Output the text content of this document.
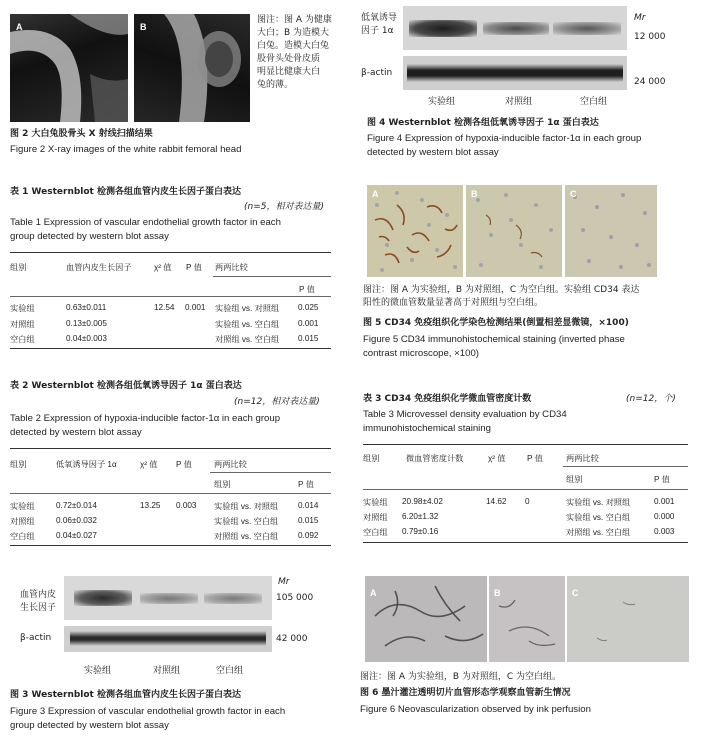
A	B
图注：图 A 为健康
大白；B 为造模大
白兔。造模大白兔
股骨头处骨皮质
明显比健康大白
兔的薄。
图 2 大白兔股骨头 X 射线扫描结果
Figure 2 X-ray images of the white rabbit femoral head
表 1 Westernblot 检测各组血管内皮生长因子蛋白表达
(n=5，相对表达量)
Table 1 Expression of vascular endothelial growth factor in each
group detected by western blot assay
组别	血管内皮生长因子	χ² 值 P 值 两两比较
P 值
实验组	0.63±0.011	12.54 0.001 实验组 vs. 对照组 0.025
对照组	0.13±0.005	实验组 vs. 空白组 0.001
空白组	0.04±0.003	对照组 vs. 空白组 0.015
表 2 Westernblot 检测各组低氧诱导因子 1α 蛋白表达
(n=12，相对表达量)
Table 2 Expression of hypoxia-inducible factor-1α in each group
detected by western blot assay
组别	低氧诱导因子 1α	χ² 值 P 值	两两比较
组别	P 值
实验组	0.72±0.014	13.25 0.003 实验组 vs. 对照组 0.014
对照组	0.06±0.032	实验组 vs. 空白组 0.015
空白组	0.04±0.027	对照组 vs. 空白组 0.092
血管内皮
生长因子
β-actin
Mr
105 000
42 000
实验组	对照组	空白组
图 3 Westernblot 检测各组血管内皮生长因子蛋白表达
Figure 3 Expression of vascular endothelial growth factor in each
group detected by western blot assay
低氧诱导
因子 1α
β-actin
Mr
12 000
24 000
实验组	对照组	空白组
图 4 Westernblot 检测各组低氧诱导因子 1α 蛋白表达
Figure 4 Expression of hypoxia-inducible factor-1α in each group
detected by western blot assay
A	B	C
图注：图 A 为实验组，B 为对照组，C 为空白组。实验组 CD34 表达
阳性的微血管数量显著高于对照组与空白组。
图 5 CD34 免疫组织化学染色检测结果(倒置相差显微镜，×100)
Figure 5 CD34 immunohistochemical staining (inverted phase
contrast microscope, ×100)
表 3 CD34 免疫组织化学微血管密度计数	(n=12，个)
Table 3 Microvessel density evaluation by CD34
immunohistochemical staining
组别	微血管密度计数	χ² 值	P 值	两两比较
组别	P 值
实验组 20.98±4.02	14.62 0	实验组 vs. 对照组	0.001
对照组 6.20±1.32	实验组 vs. 空白组	0.000
空白组 0.79±0.16	对照组 vs. 空白组	0.003
A	B	C
图注：图 A 为实验组，B 为对照组，C 为空白组。
图 6 墨汁灌注透明切片血管形态学观察血管新生情况
Figure 6 Neovascularization observed by ink perfusion
